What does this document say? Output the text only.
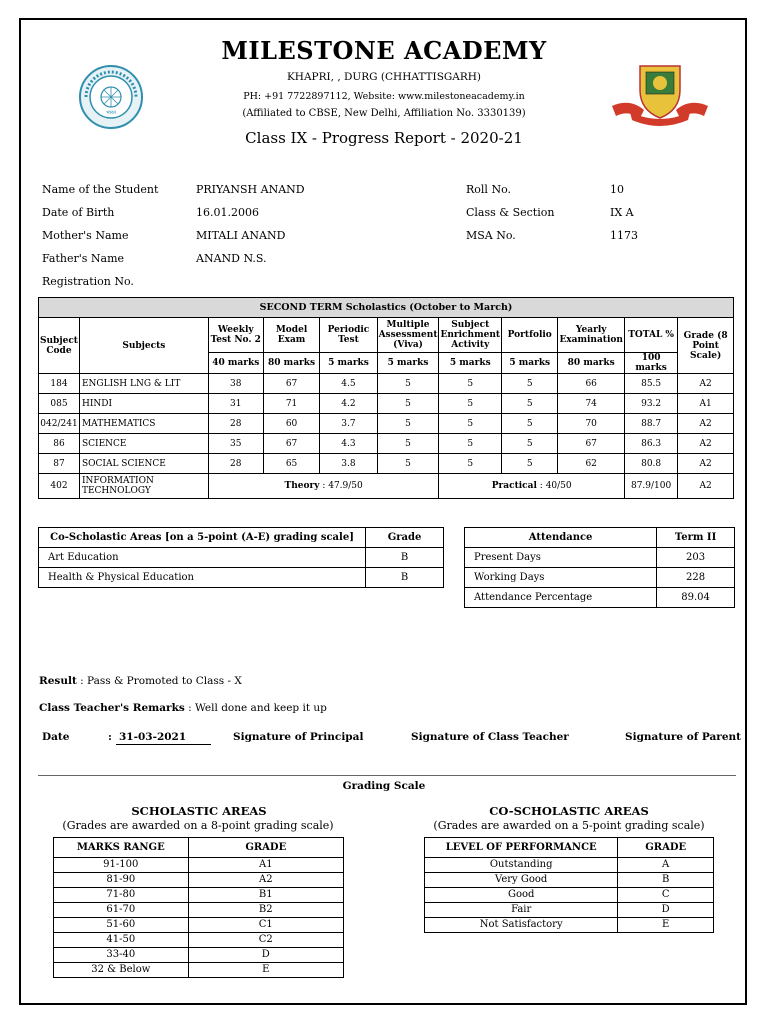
भारत
MILESTONE ACADEMY
KHAPRI, , DURG (CHHATTISGARH)
PH: +91 7722897112, Website: www.milestoneacademy.in
(Affiliated to CBSE, New Delhi, Affiliation No. 3330139)
Class IX - Progress Report - 2020-21
Name of the Student	PRIYANSH ANAND
Date of Birth	16.01.2006
Mother's Name	MITALI ANAND
Father's Name	ANAND N.S.
Registration No.
Roll No.	10
Class & Section	IX A
MSA No.	1173
SECOND TERM Scholastics (October to March)										
Subject Code	Subjects	Weekly Test No. 2	Model Exam	Periodic Test	Multiple Assessment (Viva)	Subject Enrichment Activity	Portfolio	Yearly Examination	TOTAL %	Grade (8 Point Scale)
		40 marks	80 marks	5 marks	5 marks	5 marks	5 marks	80 marks	100 marks	
184	ENGLISH LNG & LIT	38	67	4.5	5	5	5	66	85.5	A2
085	HINDI	31	71	4.2	5	5	5	74	93.2	A1
042/241	MATHEMATICS	28	60	3.7	5	5	5	70	88.7	A2
86	SCIENCE	35	67	4.3	5	5	5	67	86.3	A2
87	SOCIAL SCIENCE	28	65	3.8	5	5	5	62	80.8	A2
402	INFORMATION TECHNOLOGY	Theory : 47.9/50				Practical : 40/50			87.9/100	A2
Co-Scholastic Areas [on a 5-point (A-E) grading scale]	Grade
Art Education	B
Health & Physical Education	B
Attendance	Term II
Present Days	203
Working Days	228
Attendance Percentage	89.04
Result : Pass & Promoted to Class - X
Class Teacher's Remarks : Well done and keep it up
Date	: 31-03-2021	Signature of Principal	Signature of Class Teacher	Signature of Parent
Grading Scale
SCHOLASTIC AREAS
(Grades are awarded on a 8-point grading scale)
MARKS RANGE	GRADE
91-100	A1
81-90	A2
71-80	B1
61-70	B2
51-60	C1
41-50	C2
33-40	D
32 & Below	E
CO-SCHOLASTIC AREAS
(Grades are awarded on a 5-point grading scale)
LEVEL OF PERFORMANCE	GRADE
Outstanding	A
Very Good	B
Good	C
Fair	D
Not Satisfactory	E
